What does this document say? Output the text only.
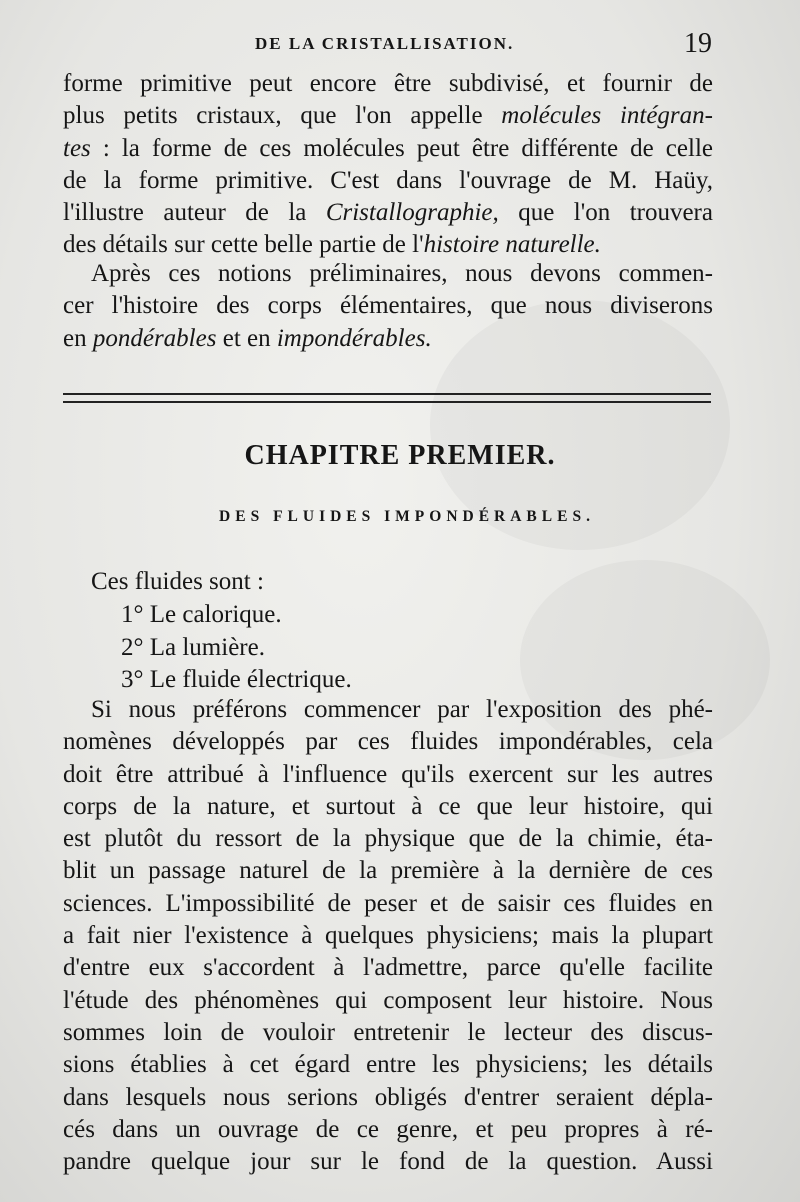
DE LA CRISTALLISATION.	19
forme primitive peut encore être subdivisé, et fournir de
plus petits cristaux, que l'on appelle molécules intégran-
tes : la forme de ces molécules peut être différente de celle
de la forme primitive. C'est dans l'ouvrage de M. Haüy,
l'illustre auteur de la Cristallographie, que l'on trouvera
des détails sur cette belle partie de l'histoire naturelle.
Après ces notions préliminaires, nous devons commen-
cer l'histoire des corps élémentaires, que nous diviserons
en pondérables et en impondérables.
CHAPITRE PREMIER.
DES FLUIDES IMPONDÉRABLES.
Ces fluides sont :
1° Le calorique.
2° La lumière.
3° Le fluide électrique.
Si nous préférons commencer par l'exposition des phé-
nomènes développés par ces fluides impondérables, cela
doit être attribué à l'influence qu'ils exercent sur les autres
corps de la nature, et surtout à ce que leur histoire, qui
est plutôt du ressort de la physique que de la chimie, éta-
blit un passage naturel de la première à la dernière de ces
sciences. L'impossibilité de peser et de saisir ces fluides en
a fait nier l'existence à quelques physiciens; mais la plupart
d'entre eux s'accordent à l'admettre, parce qu'elle facilite
l'étude des phénomènes qui composent leur histoire. Nous
sommes loin de vouloir entretenir le lecteur des discus-
sions établies à cet égard entre les physiciens; les détails
dans lesquels nous serions obligés d'entrer seraient dépla-
cés dans un ouvrage de ce genre, et peu propres à ré-
pandre quelque jour sur le fond de la question. Aussi
